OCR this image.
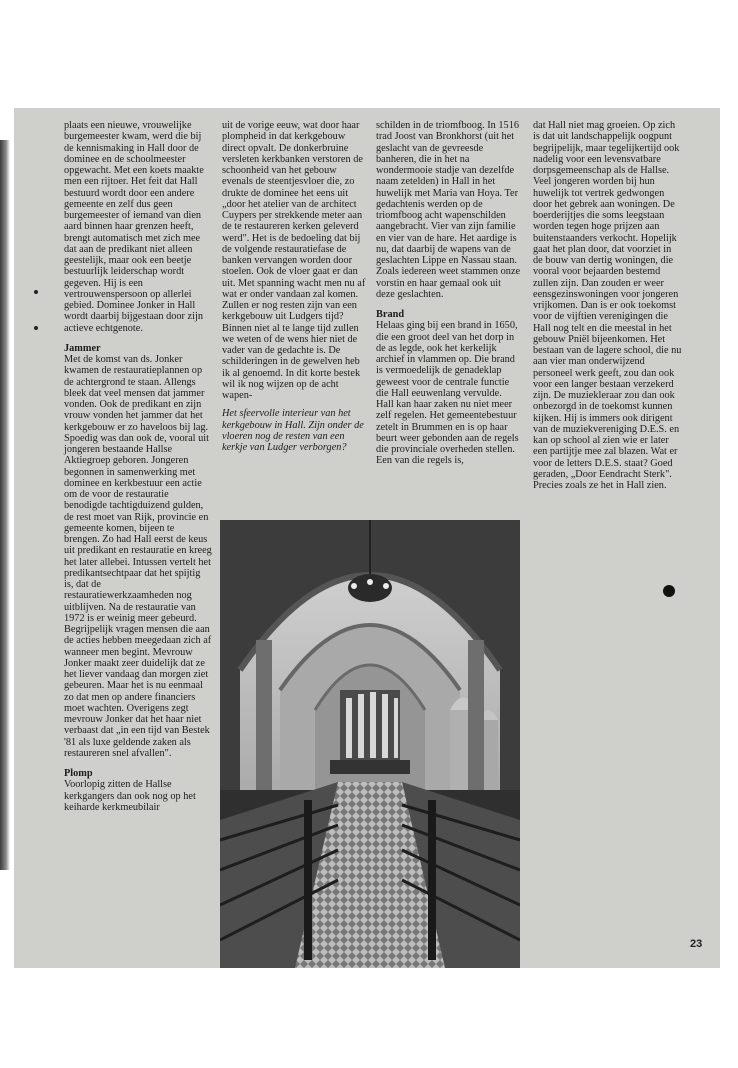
plaats een nieuwe, vrouwelijke burgemeester kwam, werd die bij de kennismaking in Hall door de dominee en de schoolmeester opgewacht. Met een koets maakte men een rijtoer. Het feit dat Hall bestuurd wordt door een andere gemeente en zelf dus geen burgemeester of iemand van dien aard binnen haar grenzen heeft, brengt automatisch met zich mee dat aan de predikant niet alleen geestelijk, maar ook een beetje bestuurlijk leiderschap wordt gegeven. Hij is een vertrouwenspersoon op allerlei gebied. Dominee Jonker in Hall wordt daarbij bijgestaan door zijn actieve echtgenote.

Jammer

Met de komst van ds. Jonker kwamen de restauratieplannen op de achtergrond te staan. Allengs bleek dat veel mensen dat jammer vonden. Ook de predikant en zijn vrouw vonden het jammer dat het kerkgebouw er zo haveloos bij lag. Spoedig was dan ook de, vooral uit jongeren bestaande Hallse Aktiegroep geboren. Jongeren begonnen in samenwerking met dominee en kerkbestuur een actie om de voor de restauratie benodigde tachtigduizend gulden, de rest moet van Rijk, provincie en gemeente komen, bijeen te brengen. Zo had Hall eerst de keus uit predikant en restauratie en kreeg het later allebei. Intussen vertelt het predikantsechtpaar dat het spijtig is, dat de restauratiewerkzaamheden nog uitblijven. Na de restauratie van 1972 is er weinig meer gebeurd. Begrijpelijk vragen mensen die aan de acties hebben meegedaan zich af wanneer men begint. Mevrouw Jonker maakt zeer duidelijk dat ze het liever vandaag dan morgen ziet gebeuren. Maar het is nu eenmaal zo dat men op andere financiers moet wachten. Overigens zegt mevrouw Jonker dat het haar niet verbaast dat „in een tijd van Bestek '81 als luxe geldende zaken als restaureren snel afvallen".

Plomp

Voorlopig zitten de Hallse kerkgangers dan ook nog op het keiharde kerkmeubilair

uit de vorige eeuw, wat door haar plompheid in dat kerkgebouw direct opvalt. De donkerbruine versleten kerkbanken verstoren de schoonheid van het gebouw evenals de steentjesvloer die, zo drukte de dominee het eens uit „door het atelier van de architect Cuypers per strekkende meter aan de te restaureren kerken geleverd werd". Het is de bedoeling dat bij de volgende restauratiefase de banken vervangen worden door stoelen. Ook de vloer gaat er dan uit. Met spanning wacht men nu af wat er onder vandaan zal komen. Zullen er nog resten zijn van een kerkgebouw uit Ludgers tijd? Binnen niet al te lange tijd zullen we weten of de wens hier niet de vader van de gedachte is. De schilderingen in de gewelven heb ik al genoemd. In dit korte bestek wil ik nog wijzen op de acht wapen-

Het sfeervolle interieur van het kerkgebouw in Hall. Zijn onder de vloeren nog de resten van een kerkje van Ludger verborgen?

schilden in de triomfboog. In 1516 trad Joost van Bronkhorst (uit het geslacht van de gevreesde banheren, die in het na wondermooie stadje van dezelfde naam zetelden) in Hall in het huwelijk met Maria van Hoya. Ter gedachtenis werden op de triomfboog acht wapenschilden aangebracht. Vier van zijn familie en vier van de hare. Het aardige is nu, dat daarbij de wapens van de geslachten Lippe en Nassau staan. Zoals iedereen weet stammen onze vorstin en haar gemaal ook uit deze geslachten.

Brand

Helaas ging bij een brand in 1650, die een groot deel van het dorp in de as legde, ook het kerkelijk archief in vlammen op. Die brand is vermoedelijk de genadeklap geweest voor de centrale functie die Hall eeuwenlang vervulde. Hall kan haar zaken nu niet meer zelf regelen. Het gemeentebestuur zetelt in Brummen en is op haar beurt weer gebonden aan de regels die provinciale overheden stellen. Een van die regels is,

dat Hall niet mag groeien. Op zich is dat uit landschappelijk oogpunt begrijpelijk, maar tegelijkertijd ook nadelig voor een levensvatbare dorpsgemeenschap als de Hallse. Veel jongeren worden bij hun huwelijk tot vertrek gedwongen door het gebrek aan woningen. De boerderijtjes die soms leegstaan worden tegen hoge prijzen aan buitenstaanders verkocht. Hopelijk gaat het plan door, dat voorziet in de bouw van dertig woningen, die vooral voor bejaarden bestemd zullen zijn. Dan zouden er weer eensgezinswoningen voor jongeren vrijkomen. Dan is er ook toekomst voor de vijftien verenigingen die Hall nog telt en die meestal in het gebouw Pniël bijeenkomen. Het bestaan van de lagere school, die nu aan vier man onderwijzend personeel werk geeft, zou dan ook voor een langer bestaan verzekerd zijn. De muziekleraar zou dan ook onbezorgd in de toekomst kunnen kijken. Hij is immers ook dirigent van de muziekvereniging D.E.S. en kan op school al zien wie er later een partijtje mee zal blazen. Wat er voor de letters D.E.S. staat? Goed geraden, „Door Eendracht Sterk". Precies zoals ze het in Hall zien.

23
